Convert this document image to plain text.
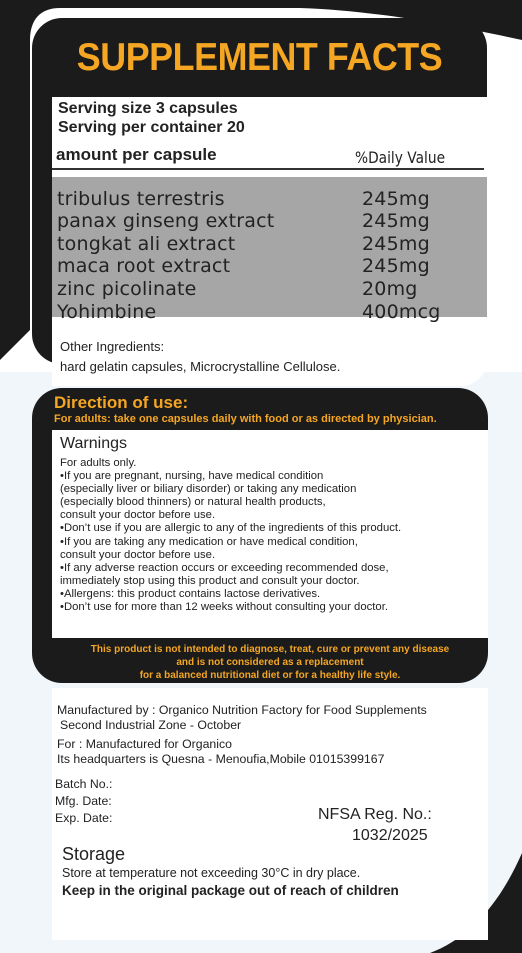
SUPPLEMENT FACTS
Serving size 3 capsules
Serving per container 20
amount per capsule	%Daily Value
tribulus terrestris	245mg
panax ginseng extract	245mg
tongkat ali extract	245mg
maca root extract	245mg
zinc picolinate	20mg
Yohimbine	400mcg
Other Ingredients:
hard gelatin capsules, Microcrystalline Cellulose.
Direction of use:
For adults: take one capsules daily with food or as directed by physician.
Warnings
For adults only.
•If you are pregnant, nursing, have medical condition
(especially liver or biliary disorder) or taking any medication
(especially blood thinners) or natural health products,
consult your doctor before use.
•Don’t use if you are allergic to any of the ingredients of this product.
•If you are taking any medication or have medical condition,
consult your doctor before use.
•If any adverse reaction occurs or exceeding recommended dose,
immediately stop using this product and consult your doctor.
•Allergens: this product contains lactose derivatives.
•Don’t use for more than 12 weeks without consulting your doctor.
This product is not intended to diagnose, treat, cure or prevent any disease
and is not considered as a replacement
for a balanced nutritional diet or for a healthy life style.
Manufactured by : Organico Nutrition Factory for Food Supplements
Second Industrial Zone - October
For : Manufactured for Organico
Its headquarters is Quesna - Menoufia,Mobile 01015399167
Batch No.:
Mfg. Date:
Exp. Date:	NFSA Reg. No.:
1032/2025
Storage
Store at temperature not exceeding 30°C in dry place.
Keep in the original package out of reach of children
